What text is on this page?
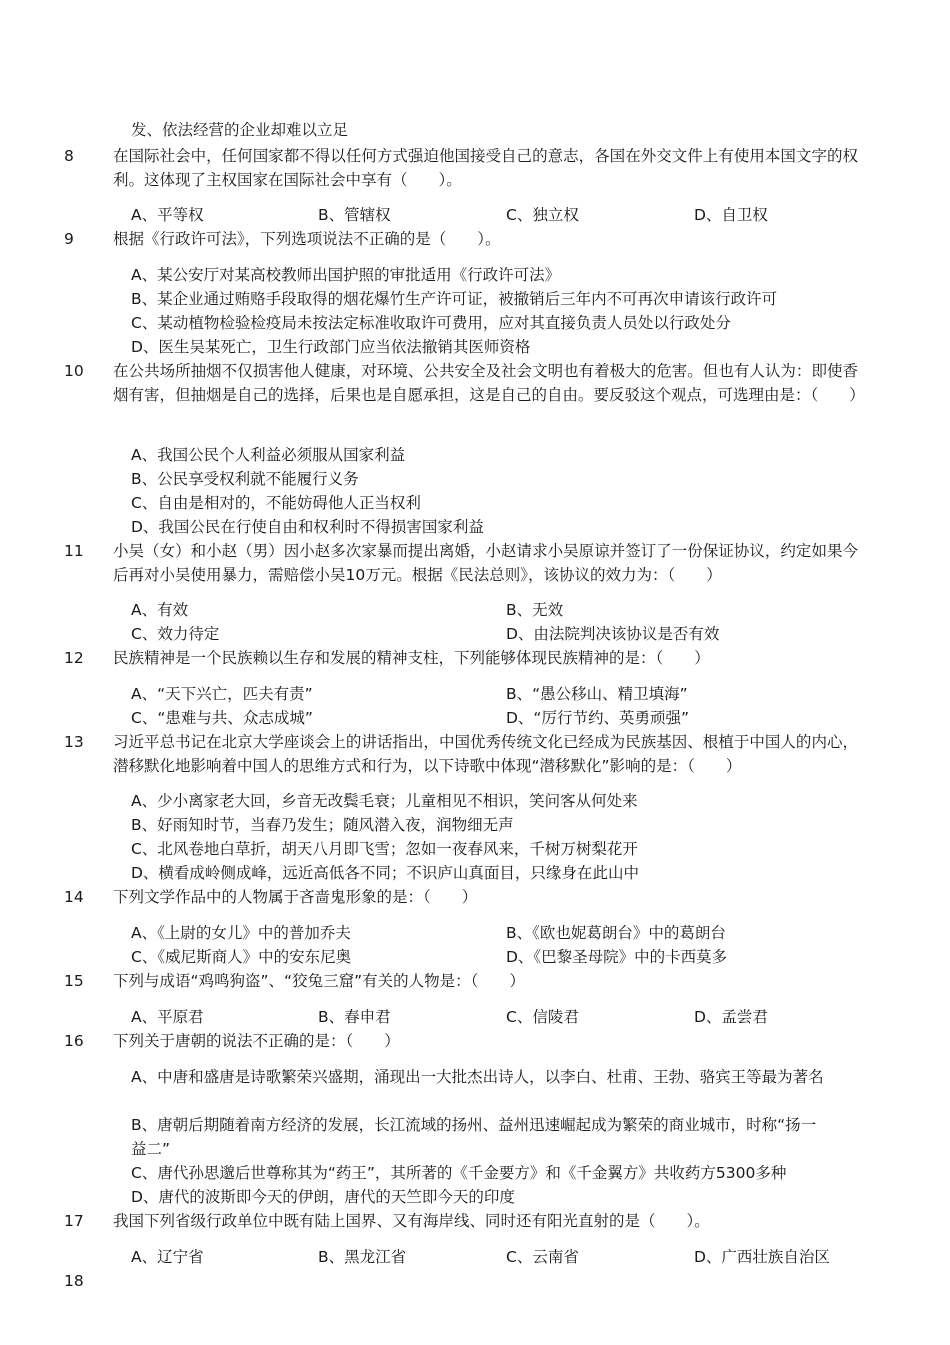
发、依法经营的企业却难以立足
8	在国际社会中，任何国家都不得以任何方式强迫他国接受自己的意志，各国在外交文件上有使用本国文字的权利。这体现了主权国家在国际社会中享有（　　）。
A、平等权	B、管辖权	C、独立权	D、自卫权
9	根据《行政许可法》，下列选项说法不正确的是（　　）。
A、某公安厅对某高校教师出国护照的审批适用《行政许可法》
B、某企业通过贿赂手段取得的烟花爆竹生产许可证，被撤销后三年内不可再次申请该行政许可
C、某动植物检验检疫局未按法定标准收取许可费用，应对其直接负责人员处以行政处分
D、医生吴某死亡，卫生行政部门应当依法撤销其医师资格
10 在公共场所抽烟不仅损害他人健康，对环境、公共安全及社会文明也有着极大的危害。但也有人认为：即使香烟有害，但抽烟是自己的选择，后果也是自愿承担，这是自己的自由。要反驳这个观点，可选理由是：（　　）
A、我国公民个人利益必须服从国家利益
B、公民享受权利就不能履行义务
C、自由是相对的，不能妨碍他人正当权利
D、我国公民在行使自由和权利时不得损害国家利益
11 小吴（女）和小赵（男）因小赵多次家暴而提出离婚，小赵请求小吴原谅并签订了一份保证协议，约定如果今后再对小吴使用暴力，需赔偿小吴10万元。根据《民法总则》，该协议的效力为：（　　）
A、有效	B、无效
C、效力待定	D、由法院判决该协议是否有效
12 民族精神是一个民族赖以生存和发展的精神支柱，下列能够体现民族精神的是：（　　）
A、“天下兴亡，匹夫有责”	B、“愚公移山、精卫填海”
C、“患难与共、众志成城”	D、“厉行节约、英勇顽强”
13 习近平总书记在北京大学座谈会上的讲话指出，中国优秀传统文化已经成为民族基因、根植于中国人的内心，潜移默化地影响着中国人的思维方式和行为，以下诗歌中体现“潜移默化”影响的是：（　　）
A、少小离家老大回，乡音无改鬓毛衰；儿童相见不相识，笑问客从何处来
B、好雨知时节，当春乃发生；随风潜入夜，润物细无声
C、北风卷地白草折，胡天八月即飞雪；忽如一夜春风来，千树万树梨花开
D、横看成岭侧成峰，远近高低各不同；不识庐山真面目，只缘身在此山中
14 下列文学作品中的人物属于吝啬鬼形象的是：（　　）
A、《上尉的女儿》中的普加乔夫	B、《欧也妮葛朗台》中的葛朗台
C、《威尼斯商人》中的安东尼奥	D、《巴黎圣母院》中的卡西莫多
15 下列与成语“鸡鸣狗盗”、“狡兔三窟”有关的人物是：（　　）
A、平原君	B、春申君	C、信陵君	D、孟尝君
16 下列关于唐朝的说法不正确的是：（　　）
A、中唐和盛唐是诗歌繁荣兴盛期，涌现出一大批杰出诗人，以李白、杜甫、王勃、骆宾王等最为著名
B、唐朝后期随着南方经济的发展，长江流域的扬州、益州迅速崛起成为繁荣的商业城市，时称“扬一益二”
C、唐代孙思邈后世尊称其为“药王”，其所著的《千金要方》和《千金翼方》共收药方5300多种
D、唐代的波斯即今天的伊朗，唐代的天竺即今天的印度
17 我国下列省级行政单位中既有陆上国界、又有海岸线、同时还有阳光直射的是（　　）。
A、辽宁省	B、黑龙江省	C、云南省	D、广西壮族自治区
18
